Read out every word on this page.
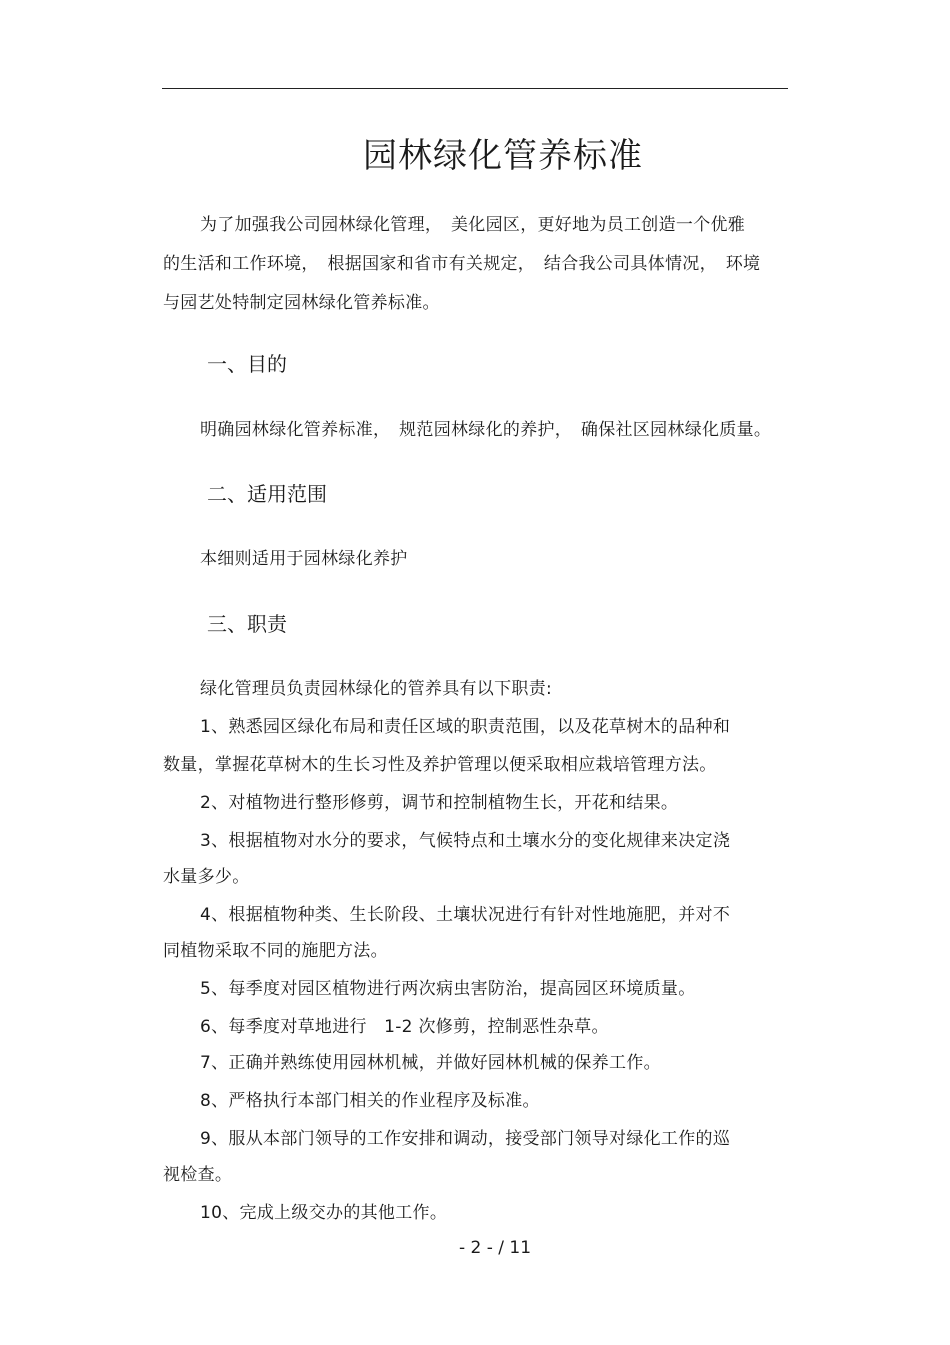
园林绿化管养标准
为了加强我公司园林绿化管理，　美化园区，更好地为员工创造一个优雅
的生活和工作环境，　根据国家和省市有关规定，　结合我公司具体情况，　环境
与园艺处特制定园林绿化管养标准。
一、目的
明确园林绿化管养标准，　规范园林绿化的养护，　确保社区园林绿化质量。
二、适用范围
本细则适用于园林绿化养护
三、职责
绿化管理员负责园林绿化的管养具有以下职责:
1、熟悉园区绿化布局和责任区域的职责范围，以及花草树木的品种和
数量，掌握花草树木的生长习性及养护管理以便采取相应栽培管理方法。
2、对植物进行整形修剪，调节和控制植物生长，开花和结果。
3、根据植物对水分的要求，气候特点和土壤水分的变化规律来决定浇
水量多少。
4、根据植物种类、生长阶段、土壤状况进行有针对性地施肥，并对不
同植物采取不同的施肥方法。
5、每季度对园区植物进行两次病虫害防治，提高园区环境质量。
6、每季度对草地进行　1-2 次修剪，控制恶性杂草。
7、正确并熟练使用园林机械，并做好园林机械的保养工作。
8、严格执行本部门相关的作业程序及标准。
9、服从本部门领导的工作安排和调动，接受部门领导对绿化工作的巡
视检查。
10、完成上级交办的其他工作。
- 2 - / 11
